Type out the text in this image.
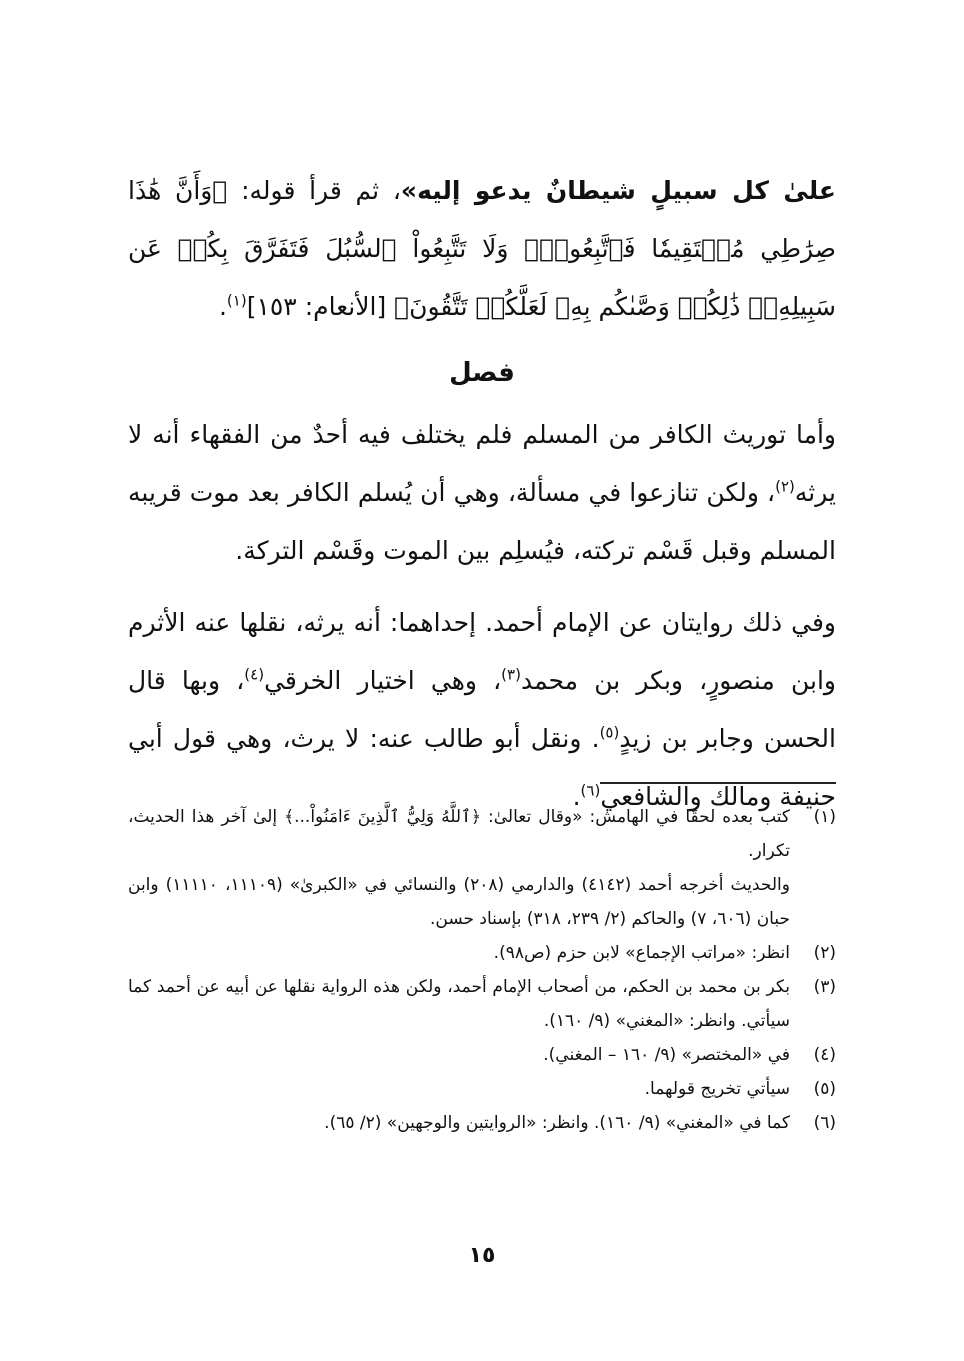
علىٰ كل سبيلٍ شيطانٌ يدعو إليه»، ثم قرأ قوله: ﴿وَأَنَّ هَٰذَا صِرَٰطِي مُسۡتَقِيمٗا فَٱتَّبِعُوهُۖ وَلَا تَتَّبِعُواْ ٱلسُّبُلَ فَتَفَرَّقَ بِكُمۡ عَن سَبِيلِهِۦۚ ذَٰلِكُمۡ وَصَّىٰكُم بِهِۦ لَعَلَّكُمۡ تَتَّقُونَ﴾ [الأنعام: ١٥٣]$^{(١)}$.

فصل

وأما توريث الكافر من المسلم فلم يختلف فيه أحدٌ من الفقهاء أنه لا يرثه$^{(٢)}$، ولكن تنازعوا في مسألة، وهي أن يُسلم الكافر بعد موت قريبه المسلم وقبل قَسْم تركته، فيُسلِم بين الموت وقَسْم التركة.

وفي ذلك روايتان عن الإمام أحمد. إحداهما: أنه يرثه، نقلها عنه الأثرم وابن منصورٍ، وبكر بن محمد$^{(٣)}$، وهي اختيار الخرقي$^{(٤)}$، وبها قال الحسن وجابر بن زيدٍ$^{(٥)}$. ونقل أبو طالب عنه: لا يرث، وهي قول أبي حنيفة ومالك والشافعي$^{(٦)}$.

(١)

كتب بعده لحقًا في الهامش: «وقال تعالىٰ: ﴿ٱللَّهُ وَلِيُّ ٱلَّذِينَ ءَامَنُواْ...﴾ إلىٰ آخر هذا الحديث، تكرار.

والحديث أخرجه أحمد (٤١٤٢) والدارمي (٢٠٨) والنسائي في «الكبرىٰ» (١١١٠٩، ١١١١٠) وابن حبان (٦٠٦، ٧) والحاكم (٢/ ٢٣٩، ٣١٨) بإسناد حسن.

(٢)
انظر: «مراتب الإجماع» لابن حزم (ص٩٨).
(٣)
بكر بن محمد بن الحكم، من أصحاب الإمام أحمد، ولكن هذه الرواية نقلها عن أبيه عن أحمد كما سيأتي. وانظر: «المغني» (٩/ ١٦٠).
(٤)
في «المختصر» (٩/ ١٦٠ – المغني).
(٥)
سيأتي تخريج قولهما.
(٦)
كما في «المغني» (٩/ ١٦٠). وانظر: «الروايتين والوجهين» (٢/ ٦٥).
١٥
